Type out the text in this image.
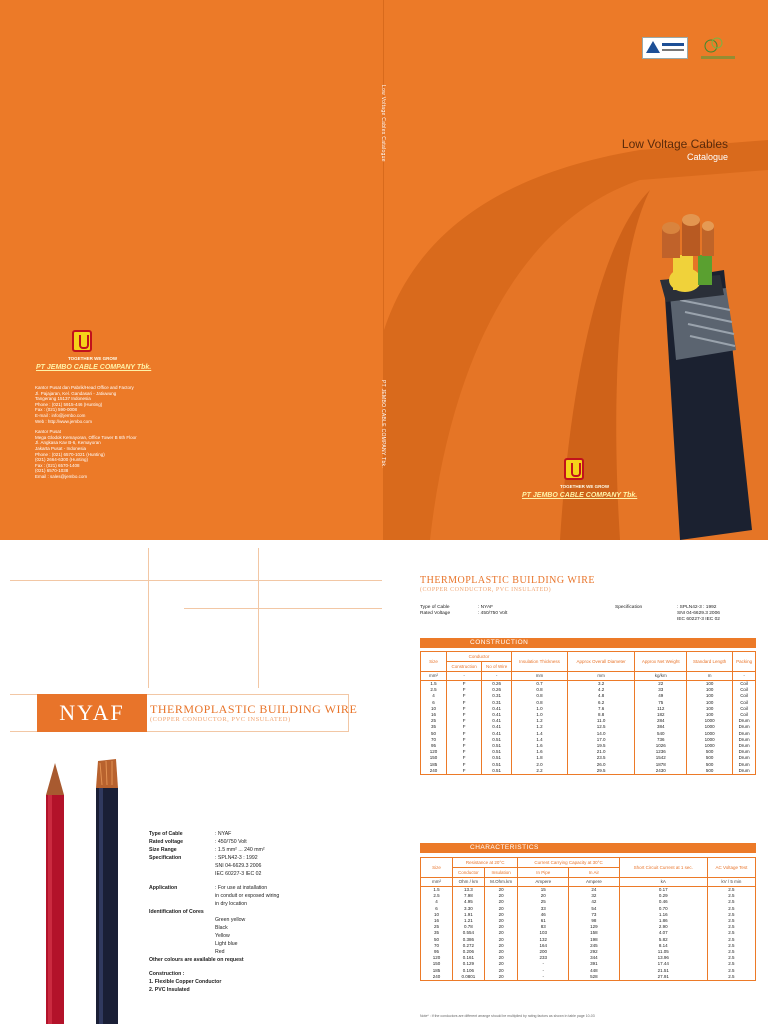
Low Voltage Cables
Catalogue
Low Voltage Cables Catalogue
PT JEMBO CABLE COMPANY Tbk.
TOGETHER WE GROW
PT JEMBO CABLE COMPANY Tbk.
TOGETHER WE GROW
PT JEMBO CABLE COMPANY Tbk.
Kantor Pusat dan Pabrik/Head Office and Factory
Jl. Pajajaran, Kel. Gandasari - Jatiuwung
Tangerang 15137 Indonesia
Phone : (021) 5915-446 (Hunting)
Fax : (021) 590-0008
E-mail : info@jembo.com
Web : http://www.jembo.com
Kantor Pusat
Mega Glodok Kemayoran, Office Tower B 6th Floor
Jl. Angkasa Kav B-6, Kemayoran
Jakarta Pusat - Indonesia
Phone : (021) 6570-1021 (Hunting)
(021) 2664-6300 (Hunting)
Fax : (021) 6570-1408
(021) 6570-1038
Email : sales@jembo.com
NYAF	THERMOPLASTIC BUILDING WIRE
(COPPER CONDUCTOR, PVC INSULATED)
Type of Cable	: NYAF
Rated voltage	: 450/750 Volt
Size Range	: 1.5 mm² ... 240 mm²
Specification	: SPLN42-3 : 1992
SNI 04-6629.3 2006
IEC 60227-3 IEC 02
Application	: For use at installation
in conduit or exposed wiring
in dry location
Identification of Cores
Green yellow
Black
Yellow
Light blue
Red
Other colours are available on request
Construction :
1. Flexible Copper Conductor
2. PVC Insulated
THERMOPLASTIC BUILDING WIRE
(COPPER CONDUCTOR, PVC INSULATED)
Type of Cable	: NYAF
Rated Voltage	: 450/750 Volt
Specification	: SPLN42-3 : 1992
SNI 04-6629.3 2006
IEC 60227-3 IEC 02
CONSTRUCTION
Size	Conductor		Insulation Thickness	Approx Overall Diameter	Approx Net Weight	Standard Length	Packing
	Construction	No of Wire					
mm²	-	-	mm	mm	kg/km	m	-
1.5	F	0.26	0.7	3.2	22	100	Coil
2.5	F	0.26	0.8	4.2	33	100	Coil
4	F	0.31	0.8	4.8	49	100	Coil
6	F	0.31	0.8	6.2	75	100	Coil
10	F	0.41	1.0	7.6	112	100	Coil
16	F	0.41	1.0	8.8	182	100	Coil
25	F	0.41	1.2	11.0	284	1000	Drum
35	F	0.41	1.2	12.5	384	1000	Drum
50	F	0.41	1.4	14.0	540	1000	Drum
70	F	0.51	1.4	17.0	736	1000	Drum
95	F	0.51	1.6	19.5	1026	1000	Drum
120	F	0.51	1.6	21.0	1236	500	Drum
150	F	0.51	1.8	23.5	1542	500	Drum
185	F	0.51	2.0	26.0	1878	500	Drum
240	F	0.51	2.2	29.5	2430	500	Drum
CHARACTERISTICS
Size	Resistance at 20°C		Current Carrying Capacity at 30°C		Short Circuit Current at 1 sec.	AC Voltage Test
	Conductor	Insulation	In Pipe	In Air		
mm²	Ohm / km	M.Ohm.km	Ampere	Ampere	kA	kV / 5 min
1.5	13.3	20	15	24	0.17	2.5
2.5	7.98	20	20	32	0.29	2.5
4	4.95	20	25	42	0.46	2.5
6	3.30	20	33	54	0.70	2.5
10	1.91	20	46	73	1.16	2.5
16	1.21	20	61	98	1.86	2.5
25	0.78	20	83	129	2.90	2.5
35	0.554	20	103	158	4.07	2.5
50	0.386	20	132	198	5.82	2.5
70	0.272	20	164	245	8.14	2.5
95	0.206	20	200	292	11.05	2.5
120	0.161	20	233	344	13.96	2.5
150	0.129	20	-	391	17.44	2.5
185	0.106	20	-	448	21.51	2.5
240	0.0801	20	-	528	27.91	2.5
Note* : If the conductors are different arrange should be multiplied by rating factors as shown in table page 10-03
